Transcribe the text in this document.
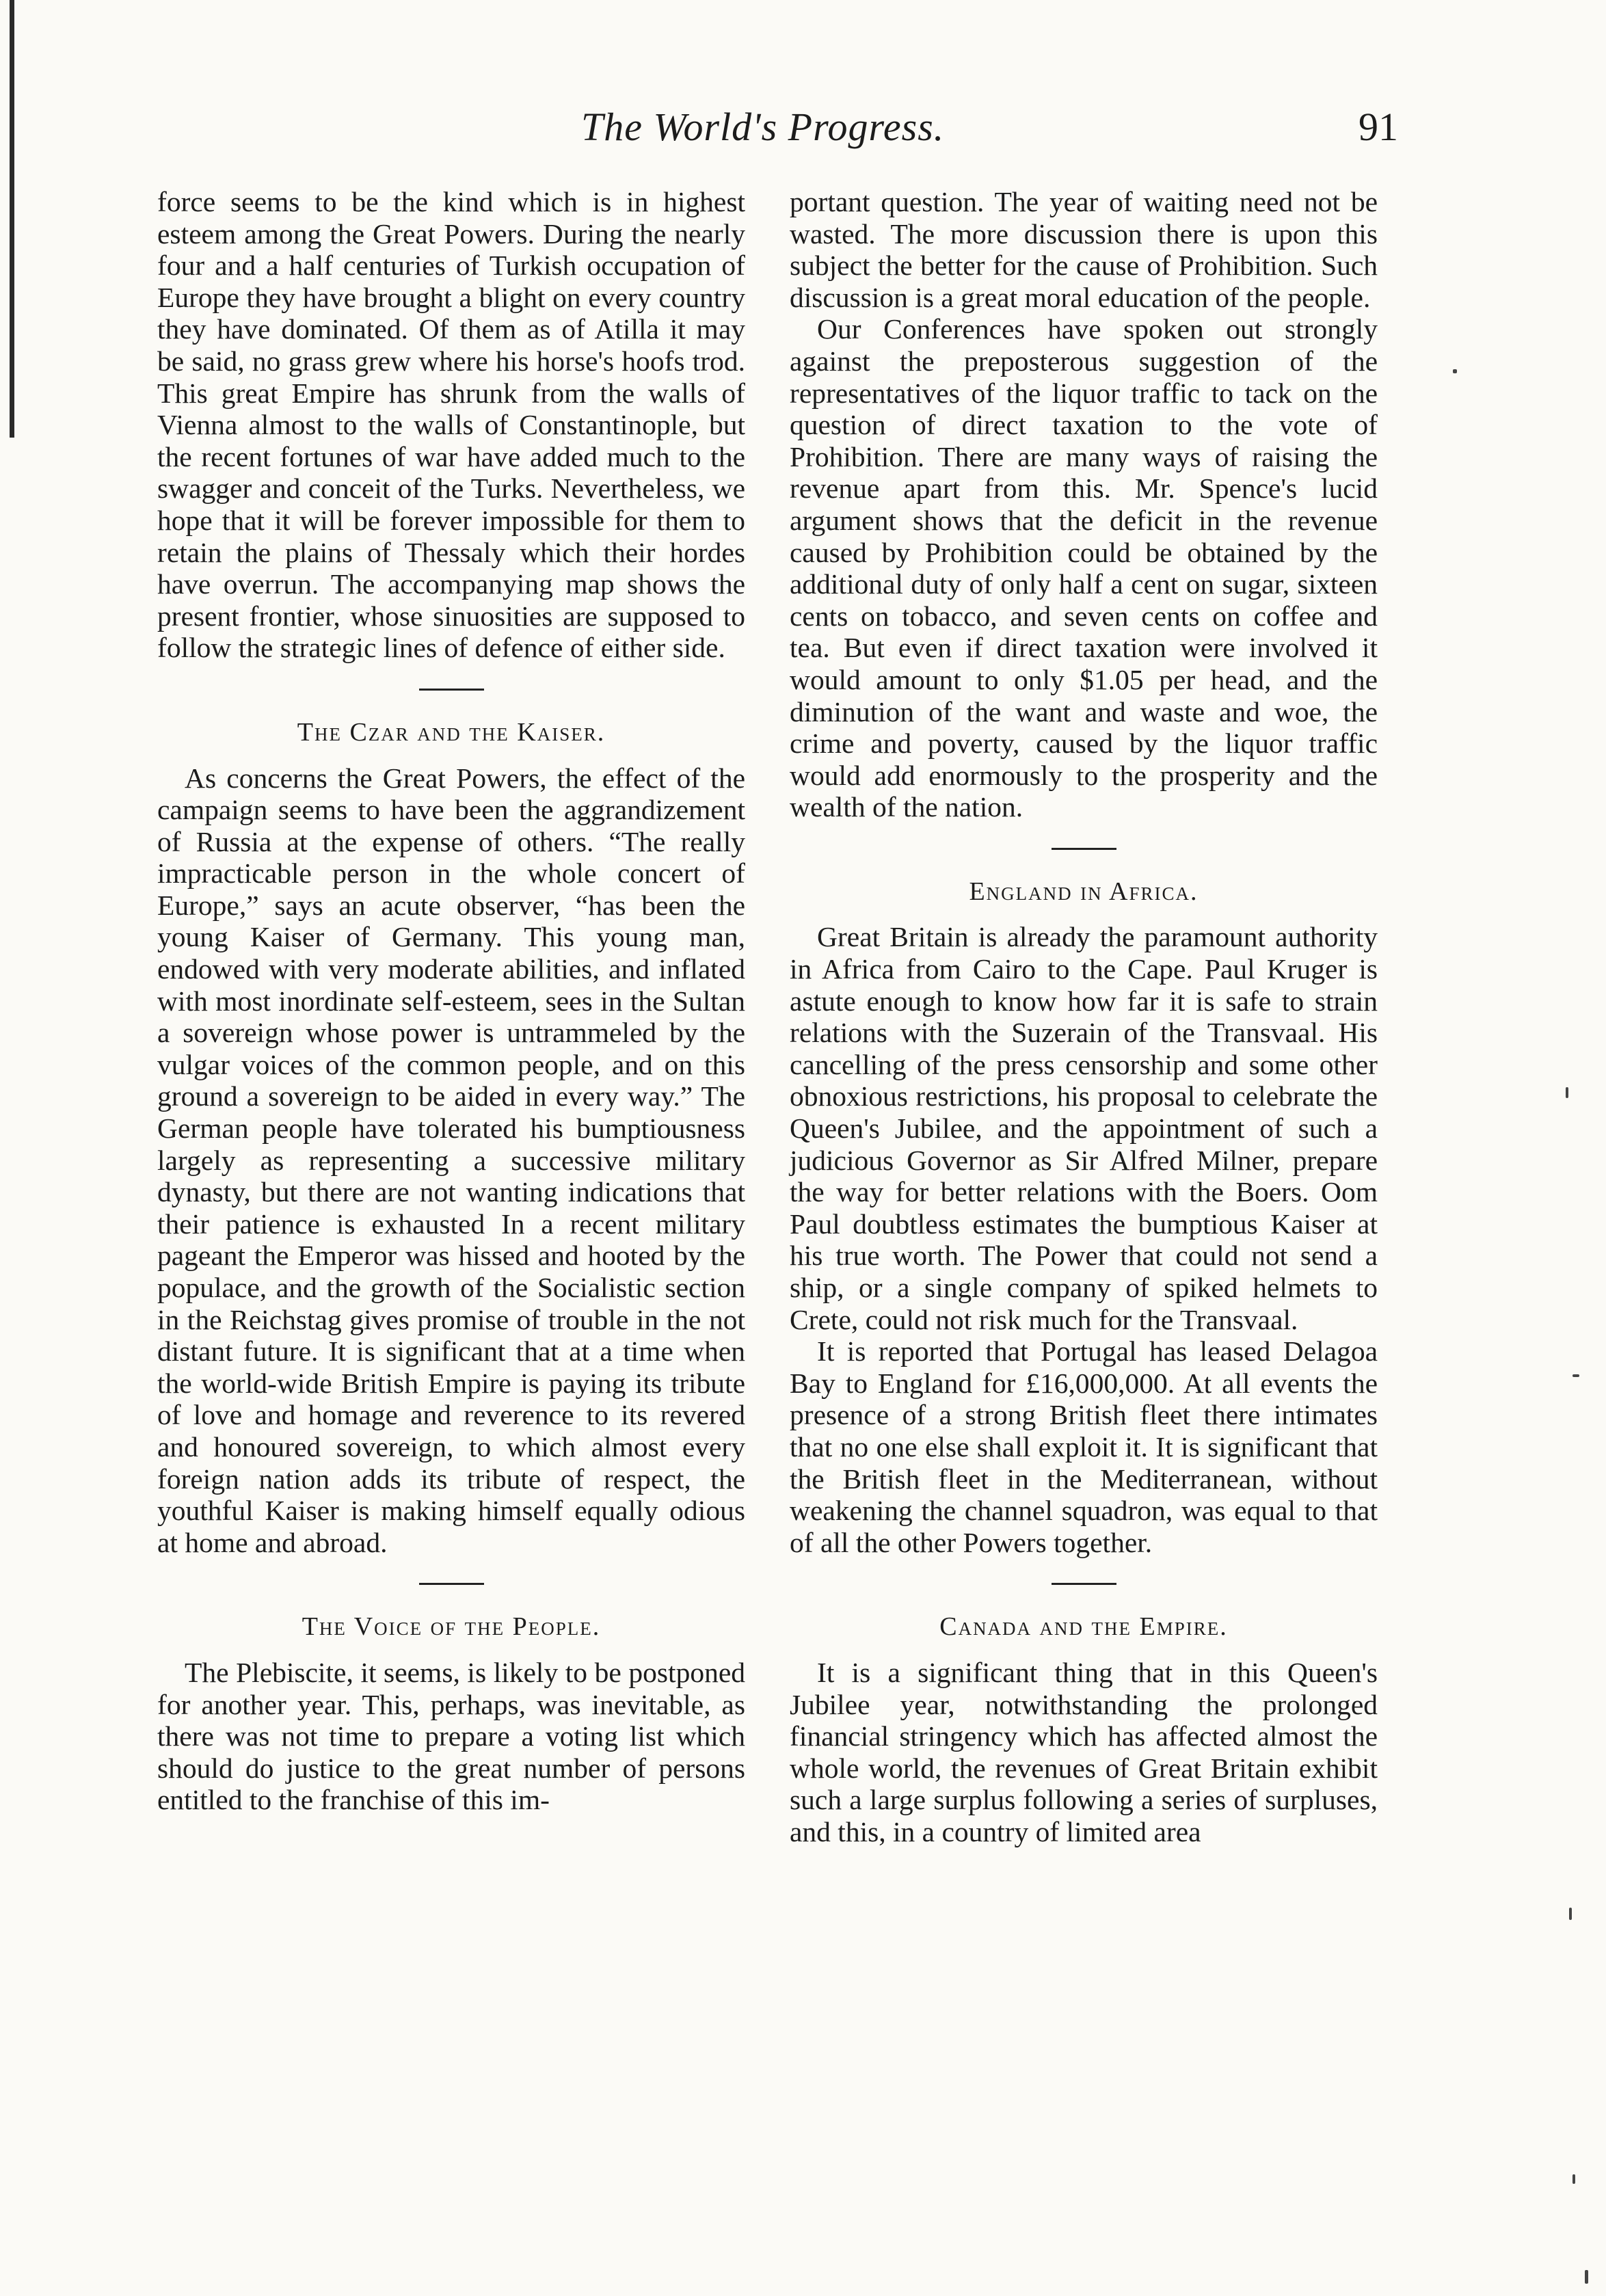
The World's Progress.	91

force seems to be the kind which is in highest esteem among the Great Powers. During the nearly four and a half centuries of Turkish occupation of Europe they have brought a blight on every country they have dominated. Of them as of Atilla it may be said, no grass grew where his horse's hoofs trod. This great Empire has shrunk from the walls of Vienna almost to the walls of Constantinople, but the recent fortunes of war have added much to the swagger and conceit of the Turks. Nevertheless, we hope that it will be forever impossible for them to retain the plains of Thessaly which their hordes have overrun. The accompanying map shows the present frontier, whose sinuosities are supposed to follow the strategic lines of defence of either side.

The Czar and the Kaiser.

As concerns the Great Powers, the effect of the campaign seems to have been the aggrandizement of Russia at the expense of others. “The really impracticable person in the whole concert of Europe,” says an acute observer, “has been the young Kaiser of Germany. This young man, endowed with very moderate abilities, and inflated with most inordinate self-esteem, sees in the Sultan a sovereign whose power is untrammeled by the vulgar voices of the common people, and on this ground a sovereign to be aided in every way.” The German people have tolerated his bumptiousness largely as representing a successive military dynasty, but there are not wanting indications that their patience is exhausted In a recent military pageant the Emperor was hissed and hooted by the populace, and the growth of the Socialistic section in the Reichstag gives promise of trouble in the not distant future. It is significant that at a time when the world-wide British Empire is paying its tribute of love and homage and reverence to its revered and honoured sovereign, to which almost every foreign nation adds its tribute of respect, the youthful Kaiser is making himself equally odious at home and abroad.

The Voice of the People.

The Plebiscite, it seems, is likely to be postponed for another year. This, perhaps, was inevitable, as there was not time to prepare a voting list which should do justice to the great number of persons entitled to the franchise of this im-

portant question. The year of waiting need not be wasted. The more discussion there is upon this subject the better for the cause of Prohibition. Such discussion is a great moral education of the people.

Our Conferences have spoken out strongly against the preposterous suggestion of the representatives of the liquor traffic to tack on the question of direct taxation to the vote of Prohibition. There are many ways of raising the revenue apart from this. Mr. Spence's lucid argument shows that the deficit in the revenue caused by Prohibition could be obtained by the additional duty of only half a cent on sugar, sixteen cents on tobacco, and seven cents on coffee and tea. But even if direct taxation were involved it would amount to only $1.05 per head, and the diminution of the want and waste and woe, the crime and poverty, caused by the liquor traffic would add enormously to the prosperity and the wealth of the nation.

England in Africa.

Great Britain is already the paramount authority in Africa from Cairo to the Cape. Paul Kruger is astute enough to know how far it is safe to strain relations with the Suzerain of the Transvaal. His cancelling of the press censorship and some other obnoxious restrictions, his proposal to celebrate the Queen's Jubilee, and the appointment of such a judicious Governor as Sir Alfred Milner, prepare the way for better relations with the Boers. Oom Paul doubtless estimates the bumptious Kaiser at his true worth. The Power that could not send a ship, or a single company of spiked helmets to Crete, could not risk much for the Transvaal.

It is reported that Portugal has leased Delagoa Bay to England for £16,000,000. At all events the presence of a strong British fleet there intimates that no one else shall exploit it. It is significant that the British fleet in the Mediterranean, without weakening the channel squadron, was equal to that of all the other Powers together.

Canada and the Empire.

It is a significant thing that in this Queen's Jubilee year, notwithstanding the prolonged financial stringency which has affected almost the whole world, the revenues of Great Britain exhibit such a large surplus following a series of surpluses, and this, in a country of limited area
